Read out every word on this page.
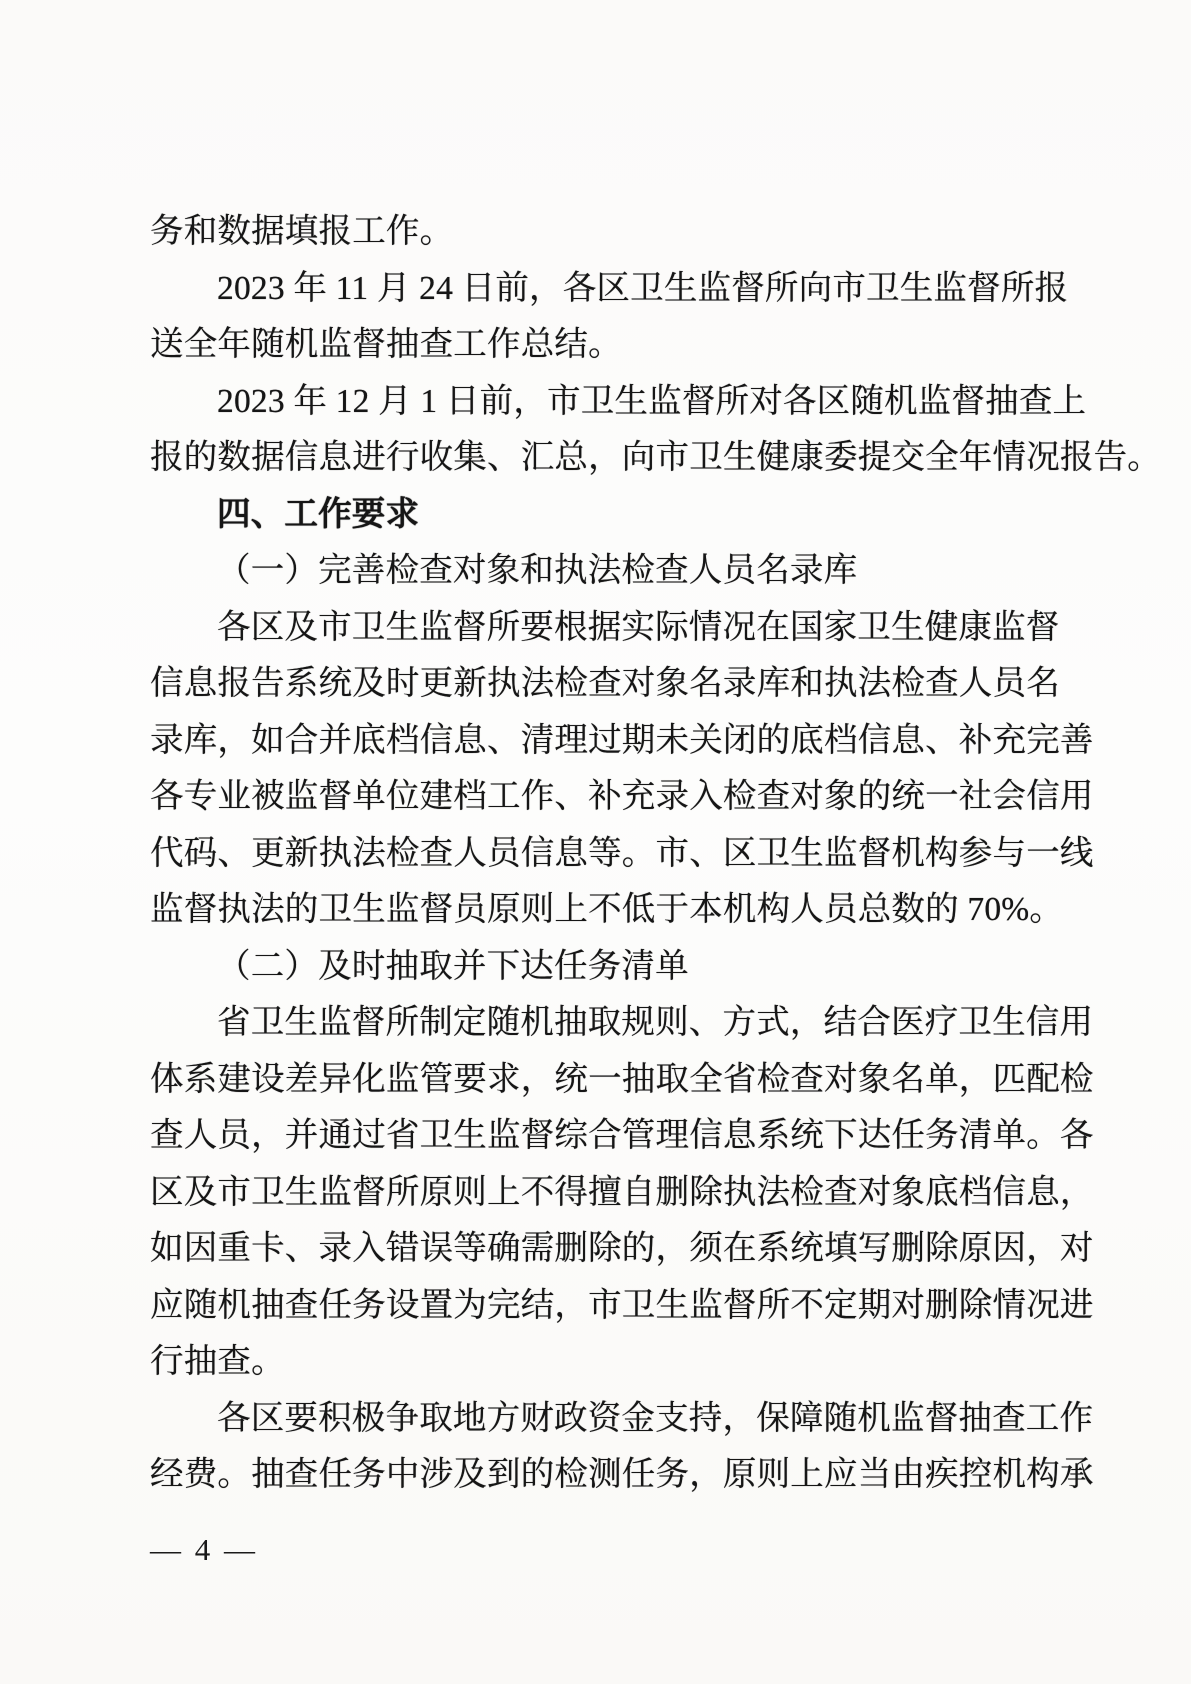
务和数据填报工作。
2023 年 11 月 24 日前，各区卫生监督所向市卫生监督所报
送全年随机监督抽查工作总结。
2023 年 12 月 1 日前，市卫生监督所对各区随机监督抽查上
报的数据信息进行收集、汇总，向市卫生健康委提交全年情况报告。
四、工作要求
（一）完善检查对象和执法检查人员名录库
各区及市卫生监督所要根据实际情况在国家卫生健康监督
信息报告系统及时更新执法检查对象名录库和执法检查人员名
录库，如合并底档信息、清理过期未关闭的底档信息、补充完善
各专业被监督单位建档工作、补充录入检查对象的统一社会信用
代码、更新执法检查人员信息等。市、区卫生监督机构参与一线
监督执法的卫生监督员原则上不低于本机构人员总数的 70%。
（二）及时抽取并下达任务清单
省卫生监督所制定随机抽取规则、方式，结合医疗卫生信用
体系建设差异化监管要求，统一抽取全省检查对象名单，匹配检
查人员，并通过省卫生监督综合管理信息系统下达任务清单。各
区及市卫生监督所原则上不得擅自删除执法检查对象底档信息，
如因重卡、录入错误等确需删除的，须在系统填写删除原因，对
应随机抽查任务设置为完结，市卫生监督所不定期对删除情况进
行抽查。
各区要积极争取地方财政资金支持，保障随机监督抽查工作
经费。抽查任务中涉及到的检测任务，原则上应当由疾控机构承
— 4 —
